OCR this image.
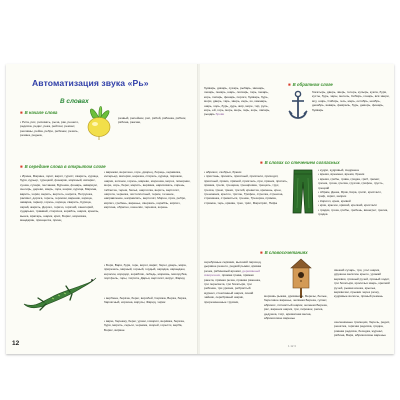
Автоматизация звука «Рь»
В словах
■ В начале слова
• Рита, рис, рисовать, рыча, рак, решето, редиска, редис, река, рейтинг, ремонт, рекламы, рейка, ребро, ребёнок, резать, резина, редька,
резвый, репейник, рис, рябой, рябинка, рябчик, рябина, рюкзак,
■ В середине слова в открытом слоге
• Ирина, Марина, горит, варит, турист, сварить, курица, буря, курьер, турецкий, фонарик, морёный, кипарис, сушка, сухари, песчаная, Буренка, фонарь, аквариум, снегирь, дерево, зверь, гора, шарик, курица, Марина, варить, хорёк, верить, вертеть, широта, Петрушка, рассвет, дорога, горечь, героизм, вареник, корица, заварка, гарнир, горечь, корица, сварить, Курица, сарай, жарить, Дорого, горячо, горячий, санаторий, сударыня, трамвай, старичок, корабль, шарик, кремль, вьюга, вратарь, шарик, крис, Борис, морковка, мандарин, принцесса, принц
• варежки, веретено, горе, дворец, борець, керамика, интерьер, материк, нарезка, стирать, курица, пирожок, шарик, котёнок, горечь, марево, морошка, мороз, поморник, море, хорь, берег, мерить, верёвка, нарисовать, сирень, таблетка, терем, бельё, шарлотка, верить, вертолёт, широта, черника, чистоплотный, терем, течение, направление, направлять, вертолёт, Мирон, приз, ребро, кирпич, гребень, варенье, сверкать, корабль, кирпич, картина, обратно, кошелёк, теремок, корень
• Боря, Варя, буря, горе, ворот, варит, берег, дверь, жира, прирезать, мирный, горный, гордый, зарядка, карандаш, керосин, коридор, кораблик, лебедь, морковь, мясорубка, портфель, горы, тигрята, Дарья, вертолёт, вирус, Фарид
• вербена, берёза, берег, воробей, Серёжа, Верка, бирка, бархатный, корзина, вирусы, Фарид, чирик
• варю, бережку, берег, уроки, говорил, верёвка, берёза, буря, мирить, серьги, черника, скорей, горести, верба, Борис, виряне
12
букварь, дикарь, сухарь, рыбарь, звонарь, лекарь, пекарь, шарь, лоскарь, тарь, пекарь, корь, писарь, фонарь, пороги, букварь, бурь, мори, дверь, тарь, зверь, иерь, ко, кажнарь, шарь, хорь, бурь, дурь, жир, море, тир, руль, корь, ей, горь, морь, мерь, гарь, корь, лапарь, рыцарь брови
■ В обратном слоге
богатырь, дверь, зверь, тетерь, купырь, кукла, буря, кусты, бурь, чары, метель, Сибирь, гонарь, всё звери, мгу, ширь, Сибирь, гесь, мерь, октябрь, ноябрь, декабрь, январь, февраль, бурь, деворь, фонарь, букварь
■ В слогах со стечением согласных
• абрикос, скобрья, брюки
• пристань, принять, приятный, приятели, приходит, приятный, прямо, прямой, приятель, при, пряник, прятать, пряжка, трели, трещина, тренировка, трещать, трус, треска, трюм, трюки, третий, креветка, кремень, крен, треножник, кресло, тритон, Трифон, стрелка, стрекоза, стремянка, стремиться, трение, Трезорка, пряжка, стрижка, терь, кряква, трек, трёп, Маритрёп, Пифа
• кудри, кудрявый, Андрюша
• время, времени, время, бремя
• время, грибы, грива, грядка, гриб, гремит, гречка, гроза, грелка, грузчик, грифон, грусть, грецкий
• Абрам, Даша, Ярик, Кира, грипп, кристалл, гриф, скрип, каприз
• Кирилл, крем, кривой
• кряк, крючок, кривой, крепкий, кристалл
• грядки, гроза, грибы, гребень, винегрет, грелка, грядка
■ В словосочетаниях
серебряные серёжки, высокий пароход, дырявое решето, редкий рыжик, кривая речка, рябиновый аромат, деревянный скворечник, прямая трава, прямая ракета, прямая речка, прямая ряженка, три пересвета, три богатыря, три ребёнка, три уровня, ребристый журнал, стеклянный шарик, синий чайник, серебряный шарик, прорезиненные трусики,
морковь рыжая, дровянице, Березы, белые, береговое варенье, зелёная Береза, гуляет, абрикос, пятнистый шарик, зеленая Береза, ряс, вареник шарик, три, пирожок, репка, дедушка, тигр, ароматная весна, абрикосовое варенье
свежий сухарь, три, угол шарик, дружное весёлое крыло, урожай верёвки, грязный ручей, пряный ходит, три богатыря, кроличья зверь, крепкий ручей, рыжая кошка, крылья, верёвочки, прыжки через речку, кудрявые волосы, пряный ремень
озеленённые трапеции, беречь, редис, решётка, горячая редиска, грядка, ровная редиска, беседка, журнал, рябина, Варя, абрикосовое варенье
1 12 3
